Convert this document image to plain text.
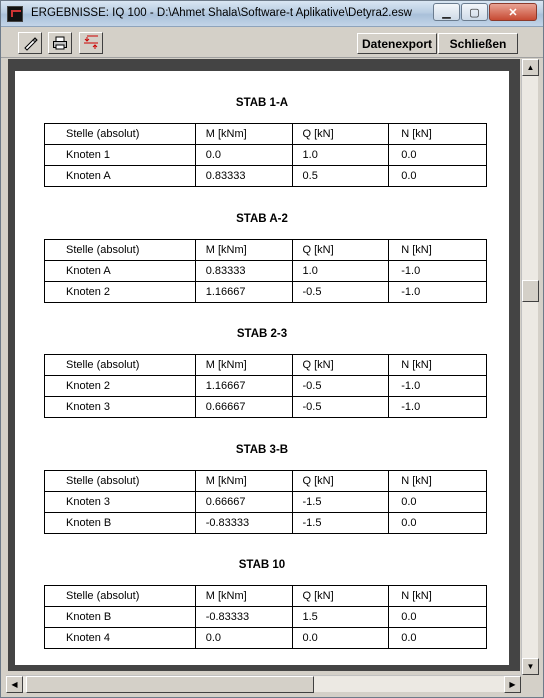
ERGEBNISSE: IQ 100 - D:\Ahmet Shala\Software-t Aplikative\Detyra2.esw	▁ ▢	✕
Datenexport	Schließen
STAB 1-A
Stelle (absolut)	M [kNm]	Q [kN]	N [kN]
Knoten 1	0.0	1.0	0.0
Knoten A	0.83333	0.5	0.0
STAB A-2
Stelle (absolut)	M [kNm]	Q [kN]	N [kN]
Knoten A	0.83333	1.0	-1.0
Knoten 2	1.16667	-0.5	-1.0
STAB 2-3
Stelle (absolut)	M [kNm]	Q [kN]	N [kN]
Knoten 2	1.16667	-0.5	-1.0
Knoten 3	0.66667	-0.5	-1.0
STAB 3-B
Stelle (absolut)	M [kNm]	Q [kN]	N [kN]
Knoten 3	0.66667	-1.5	0.0
Knoten B	-0.83333	-1.5	0.0
STAB 10
Stelle (absolut)	M [kNm]	Q [kN]	N [kN]
Knoten B	-0.83333	1.5	0.0
Knoten 4	0.0	0.0	0.0
▲
▼
◀	▶
